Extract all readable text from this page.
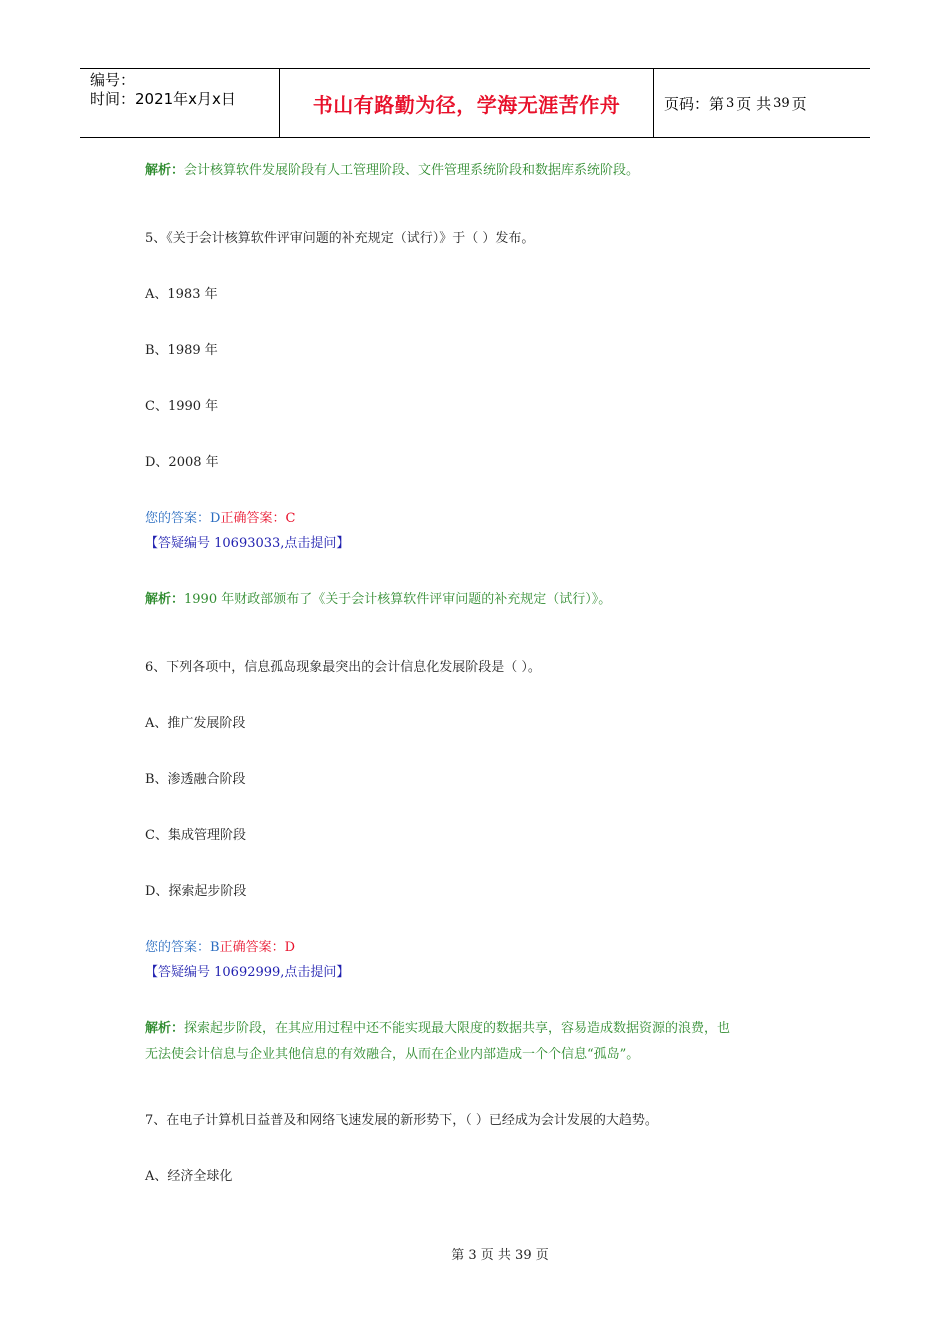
编号：
时间：2021年x月x日	书山有路勤为径，学海无涯苦作舟	页码：第 3 页 共 39 页
解析：会计核算软件发展阶段有人工管理阶段、文件管理系统阶段和数据库系统阶段。
5、《关于会计核算软件评审问题的补充规定（试行）》于（ ）发布。
A、1983 年
B、1989 年
C、1990 年
D、2008 年
您的答案：D正确答案：C
【答疑编号 10693033,点击提问】
解析：1990 年财政部颁布了《关于会计核算软件评审问题的补充规定（试行）》。
6、下列各项中，信息孤岛现象最突出的会计信息化发展阶段是（ ）。
A、推广发展阶段
B、渗透融合阶段
C、集成管理阶段
D、探索起步阶段
您的答案：B正确答案：D
【答疑编号 10692999,点击提问】
解析：探索起步阶段，在其应用过程中还不能实现最大限度的数据共享，容易造成数据资源的浪费，也
无法使会计信息与企业其他信息的有效融合，从而在企业内部造成一个个信息“孤岛”。
7、在电子计算机日益普及和网络飞速发展的新形势下，（ ）已经成为会计发展的大趋势。
A、经济全球化
第 3 页 共 39 页
